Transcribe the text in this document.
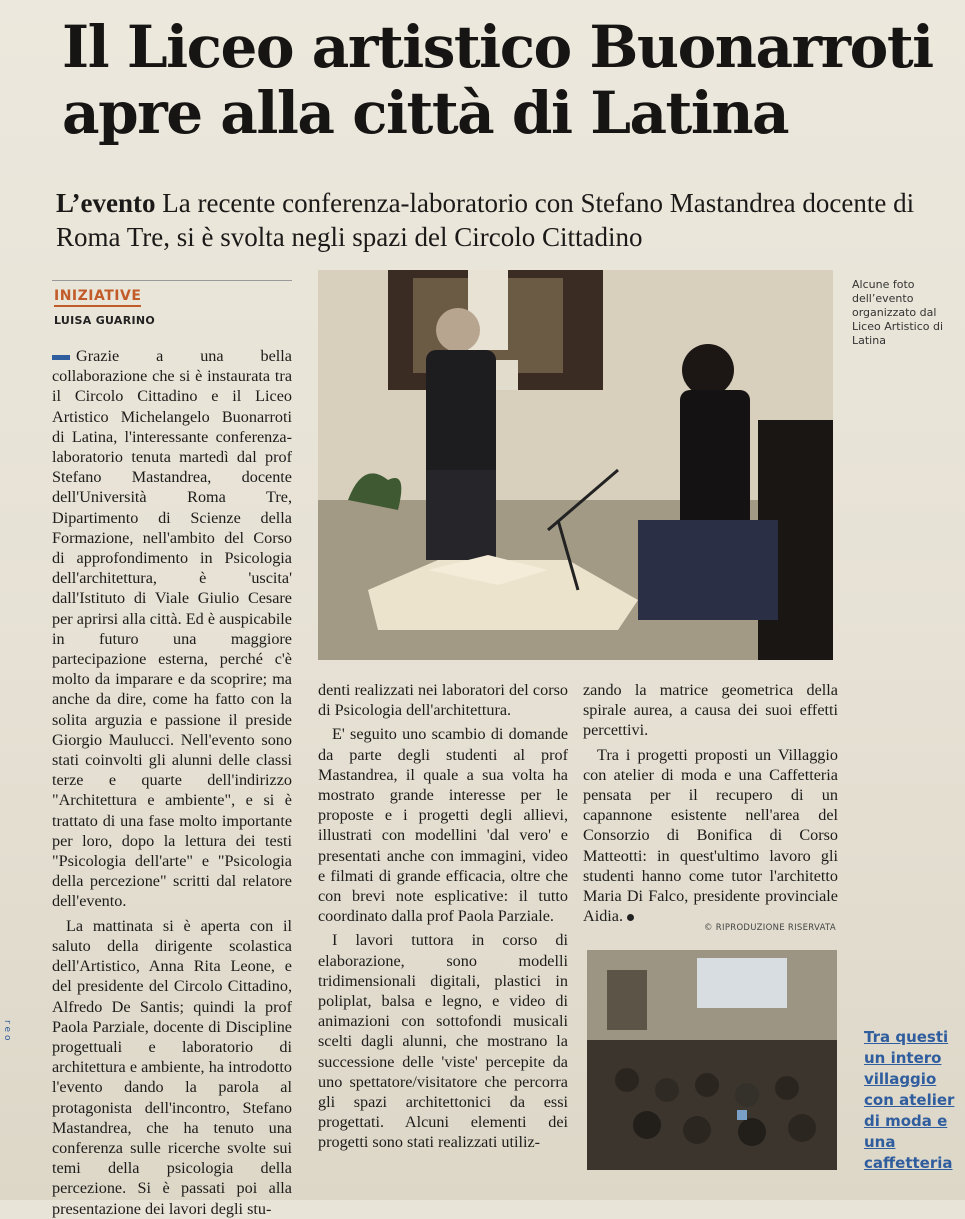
Il Liceo artistico Buonarroti apre alla città di Latina
L’evento La recente conferenza-laboratorio con Stefano Mastandrea docente di Roma Tre, si è svolta negli spazi del Circolo Cittadino
INIZIATIVE
LUISA GUARINO

Grazie a una bella collaborazione che si è instaurata tra il Circolo Cittadino e il Liceo Artistico Michelangelo Buonarroti di Latina, l'interessante conferenza-laboratorio tenuta martedì dal prof Stefano Mastandrea, docente dell'Università Roma Tre, Dipartimento di Scienze della Formazione, nell'ambito del Corso di approfondimento in Psicologia dell'architettura, è 'uscita' dall'Istituto di Viale Giulio Cesare per aprirsi alla città. Ed è auspicabile in futuro una maggiore partecipazione esterna, perché c'è molto da imparare e da scoprire; ma anche da dire, come ha fatto con la solita arguzia e passione il preside Giorgio Maulucci. Nell'evento sono stati coinvolti gli alunni delle classi terze e quarte dell'indirizzo "Architettura e ambiente", e si è trattato di una fase molto importante per loro, dopo la lettura dei testi "Psicologia dell'arte" e "Psicologia della percezione" scritti dal relatore dell'evento.

La mattinata si è aperta con il saluto della dirigente scolastica dell'Artistico, Anna Rita Leone, e del presidente del Circolo Cittadino, Alfredo De Santis; quindi la prof Paola Parziale, docente di Discipline progettuali e laboratorio di architettura e ambiente, ha introdotto l'evento dando la parola al protagonista dell'incontro, Stefano Mastandrea, che ha tenuto una conferenza sulle ricerche svolte sui temi della psicologia della percezione. Si è passati poi alla presentazione dei lavori degli stu-

Alcune foto dell’evento organizzato dal Liceo Artistico di Latina

denti realizzati nei laboratori del corso di Psicologia dell'architettura.

E' seguito uno scambio di domande da parte degli studenti al prof Mastandrea, il quale a sua volta ha mostrato grande interesse per le proposte e i progetti degli allievi, illustrati con modellini 'dal vero' e presentati anche con immagini, video e filmati di grande efficacia, oltre che con brevi note esplicative: il tutto coordinato dalla prof Paola Parziale.

I lavori tuttora in corso di elaborazione, sono modelli tridimensionali digitali, plastici in poliplat, balsa e legno, e video di animazioni con sottofondi musicali scelti dagli alunni, che mostrano la successione delle 'viste' percepite da uno spettatore/visitatore che percorra gli spazi architettonici da essi progettati. Alcuni elementi dei progetti sono stati realizzati utiliz-

zando la matrice geometrica della spirale aurea, a causa dei suoi effetti percettivi.

Tra i progetti proposti un Villaggio con atelier di moda e una Caffetteria pensata per il recupero di un capannone esistente nell'area del Consorzio di Bonifica di Corso Matteotti: in quest'ultimo lavoro gli studenti hanno come tutor l'architetto Maria Di Falco, presidente provinciale Aidia.

© RIPRODUZIONE RISERVATA
Tra questi un intero villaggio con atelier di moda e una caffetteria
r e o
